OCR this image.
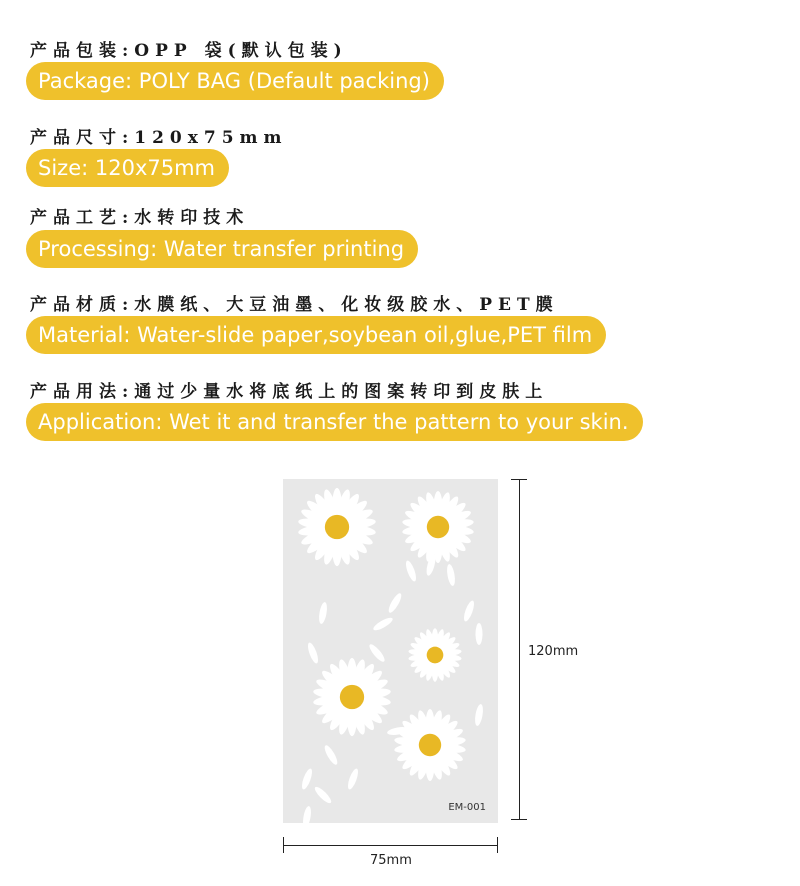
产品包装:OPP 袋(默认包装)
Package: POLY BAG (Default packing)
产品尺寸:120x75mm
Size: 120x75mm
产品工艺:水转印技术
Processing: Water transfer printing
产品材质:水膜纸、大豆油墨、化妆级胶水、PET膜
Material: Water-slide paper,soybean oil,glue,PET film
产品用法:通过少量水将底纸上的图案转印到皮肤上
Application: Wet it and transfer the pattern to your skin.
EM-001
120mm
75mm
